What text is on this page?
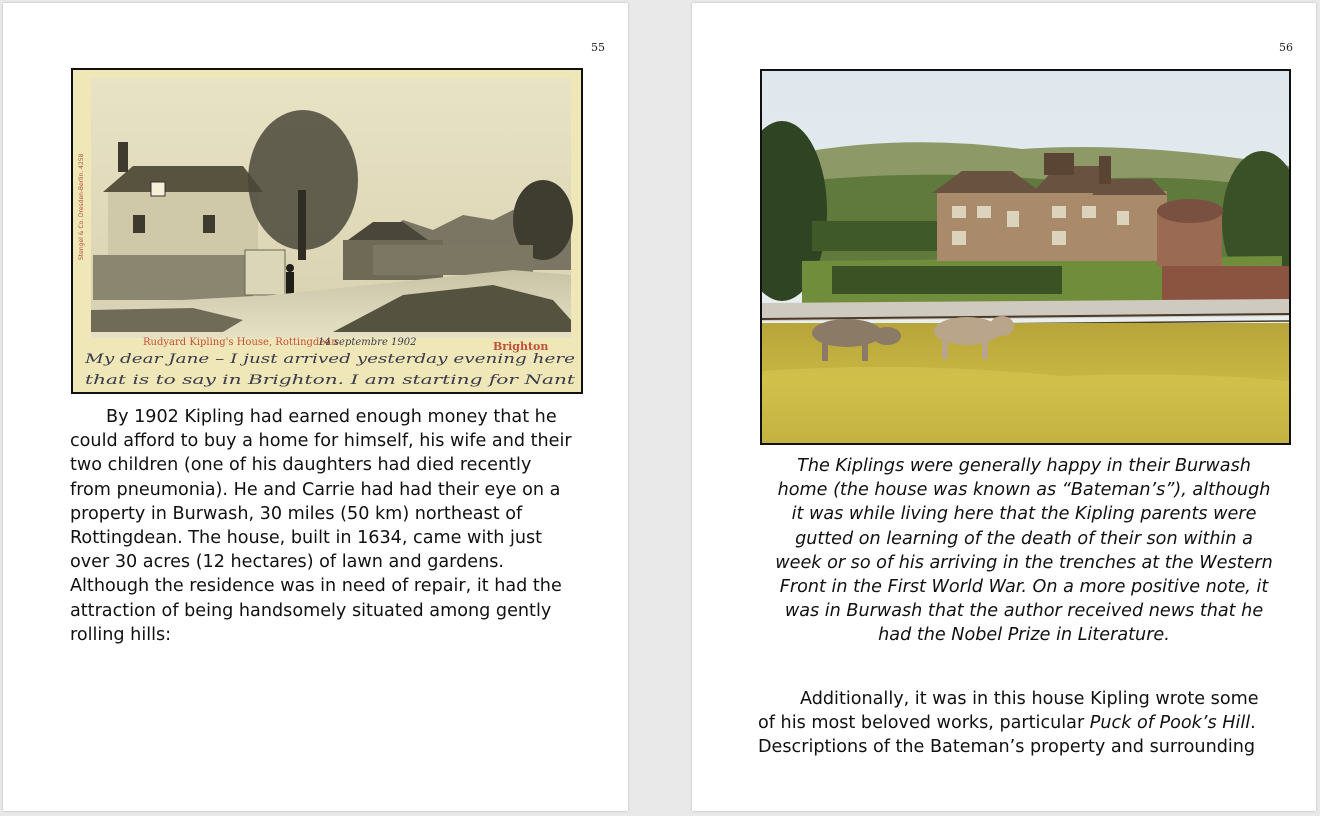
55
Stengel & Co. Dresden-Berlin. 4258
Rudyard Kipling's House, Rottingdean	Brighton
14 septembre 1902
My dear Jane – I just arrived yesterday evening here
that is to say in Brighton. I am starting for Nant
By 1902 Kipling had earned enough money that he
could afford to buy a home for himself, his wife and their
two children (one of his daughters had died recently
from pneumonia). He and Carrie had had their eye on a
property in Burwash, 30 miles (50 km) northeast of
Rottingdean. The house, built in 1634, came with just
over 30 acres (12 hectares) of lawn and gardens.
Although the residence was in need of repair, it had the
attraction of being handsomely situated among gently
rolling hills:
56
The Kiplings were generally happy in their Burwash
home (the house was known as “Bateman’s”), although
it was while living here that the Kipling parents were
gutted on learning of the death of their son within a
week or so of his arriving in the trenches at the Western
Front in the First World War. On a more positive note, it
was in Burwash that the author received news that he
had the Nobel Prize in Literature.
Additionally, it was in this house Kipling wrote some
of his most beloved works, particular Puck of Pook’s Hill.
Descriptions of the Bateman’s property and surrounding
